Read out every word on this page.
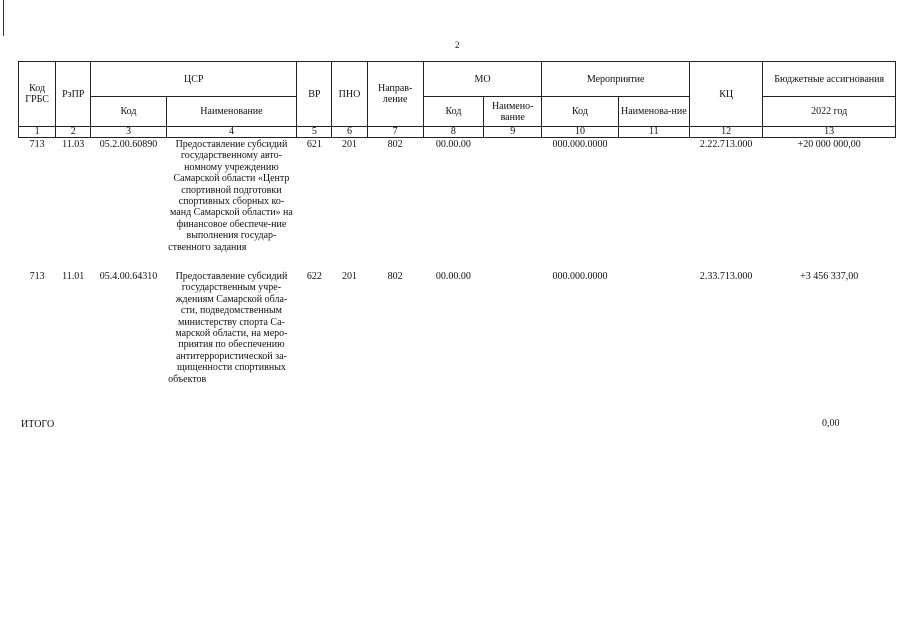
2
Код ГРБС	РзПР	ЦСР		ВР	ПНО	Направ-ление	МО		Мероприятие		КЦ	Бюджетные ассигнования
		Код	Наименование				Код	Наимено-вание	Код	Наименова-ние		2022 год
1	2	3	4	5	6	7	8	9	10	11	12	13
713	11.03	05.2.00.60890	Предоставление субсидий государственному авто-номному учреждению Самарской области «Центр спортивной подготовки спортивных сборных ко-манд Самарской области» на финансовое обеспече-ние выполнения государ-ственного задания	621	201	802	00.00.00		000.000.0000		2.22.713.000	+20 000 000,00
713	11.01	05.4.00.64310	Предоставление субсидий государственным учре-ждениям Самарской обла-сти, подведомственным министерству спорта Са-марской области, на меро-приятия по обеспечению антитеррористической за-щищенности спортивных объектов	622	201	802	00.00.00		000.000.0000		2.33.713.000	+3 456 337,00
ИТОГО	0,00
